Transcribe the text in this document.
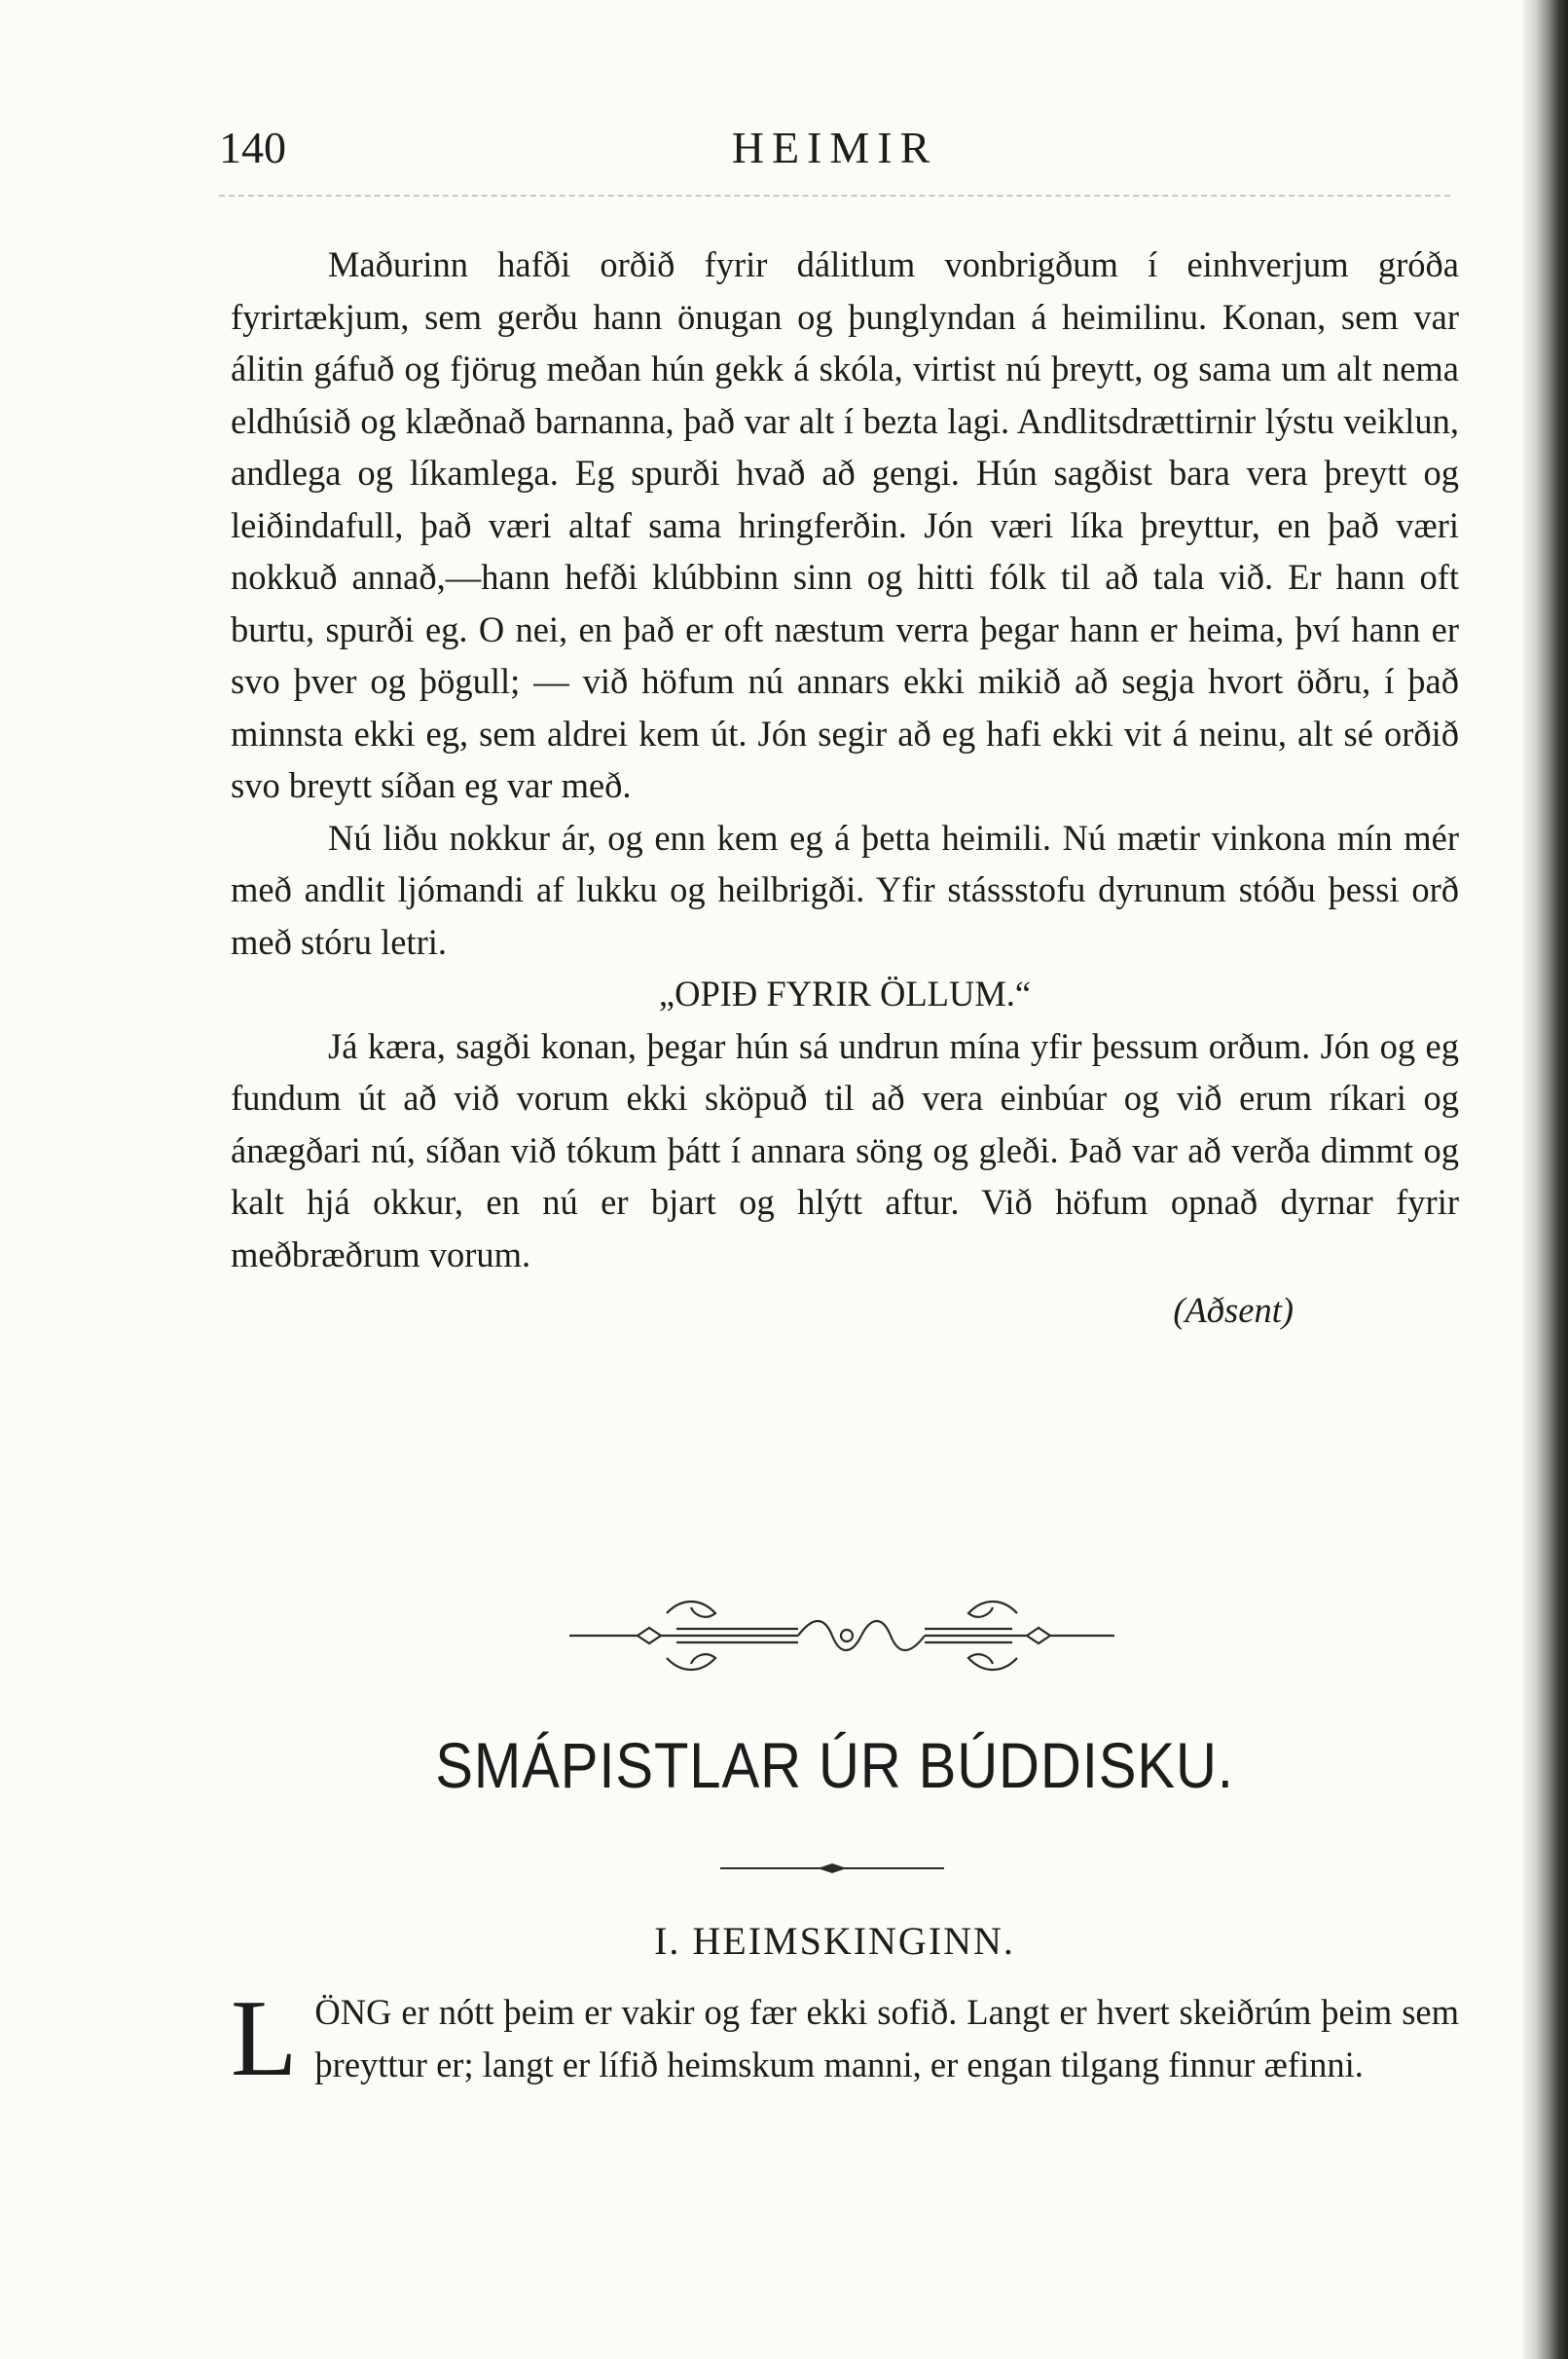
140	HEIMIR

Maðurinn hafði orðið fyrir dálitlum vonbrigðum í einhverjum gróða fyrirtækjum, sem gerðu hann önugan og þunglyndan á heimilinu. Konan, sem var álitin gáfuð og fjörug meðan hún gekk á skóla, virtist nú þreytt, og sama um alt nema eldhúsið og klæðnað barnanna, það var alt í bezta lagi. Andlitsdrættirnir lýstu veiklun, andlega og líkamlega. Eg spurði hvað að gengi. Hún sagðist bara vera þreytt og leiðindafull, það væri altaf sama hringferðin. Jón væri líka þreyttur, en það væri nokkuð annað,—hann hefði klúbbinn sinn og hitti fólk til að tala við. Er hann oft burtu, spurði eg. O nei, en það er oft næstum verra þegar hann er heima, því hann er svo þver og þögull; — við höfum nú annars ekki mikið að segja hvort öðru, í það minnsta ekki eg, sem aldrei kem út. Jón segir að eg hafi ekki vit á neinu, alt sé orðið svo breytt síðan eg var með.

Nú liðu nokkur ár, og enn kem eg á þetta heimili. Nú mætir vinkona mín mér með andlit ljómandi af lukku og heilbrigði. Yfir stássstofu dyrunum stóðu þessi orð með stóru letri.

„OPIÐ FYRIR ÖLLUM.“

Já kæra, sagði konan, þegar hún sá undrun mína yfir þessum orðum. Jón og eg fundum út að við vorum ekki sköpuð til að vera einbúar og við erum ríkari og ánægðari nú, síðan við tókum þátt í annara söng og gleði. Það var að verða dimmt og kalt hjá okkur, en nú er bjart og hlýtt aftur. Við höfum opnað dyrnar fyrir meðbræðrum vorum.

(Aðsent)
SMÁPISTLAR ÚR BÚDDISKU.
I. HEIMSKINGINN.

L ÖNG er nótt þeim er vakir og fær ekki sofið. Langt er hvert skeiðrúm þeim sem þreyttur er; langt er lífið heimskum manni, er engan tilgang finnur æfinni.
